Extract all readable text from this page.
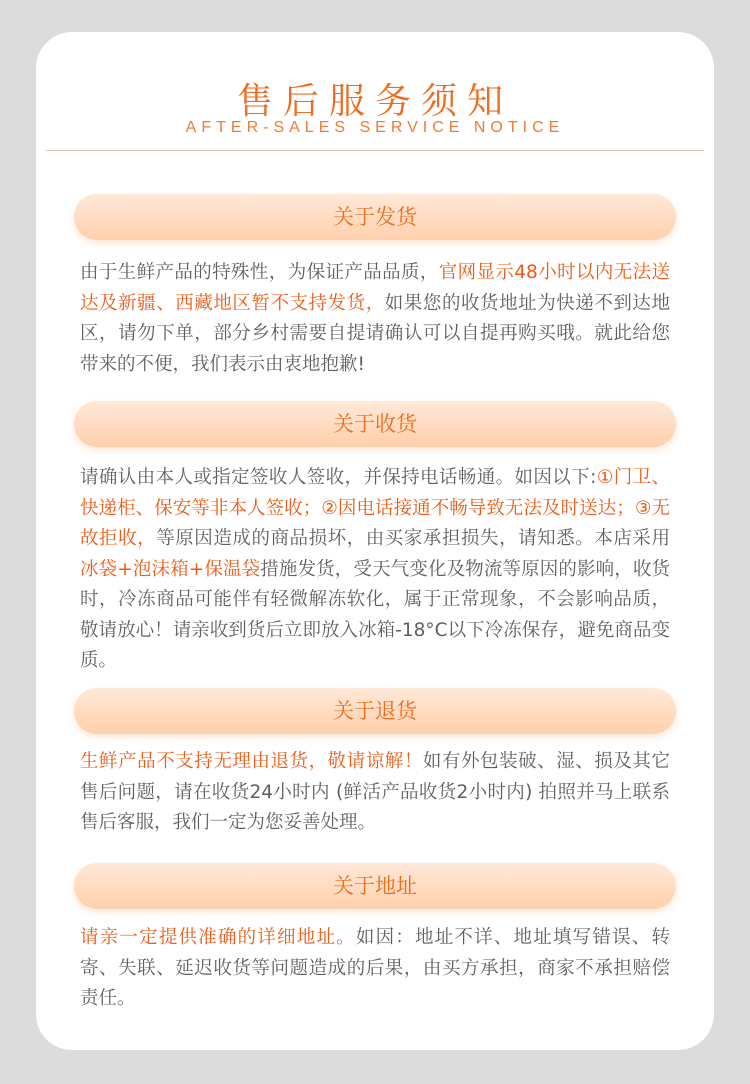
售后服务须知
AFTER-SALES SERVICE NOTICE
关于发货
由于生鲜产品的特殊性，为保证产品品质，官网显示48小时以内无法送达及新疆、西藏地区暂不支持发货，如果您的收货地址为快递不到达地区，请勿下单，部分乡村需要自提请确认可以自提再购买哦。就此给您带来的不便，我们表示由衷地抱歉!
关于收货
请确认由本人或指定签收人签收，并保持电话畅通。如因以下:①门卫、快递柜、保安等非本人签收；②因电话接通不畅导致无法及时送达；③无故拒收，等原因造成的商品损坏，由买家承担损失，请知悉。本店采用冰袋+泡沫箱+保温袋措施发货，受天气变化及物流等原因的影响，收货时，冷冻商品可能伴有轻微解冻软化，属于正常现象，不会影响品质，敬请放心！请亲收到货后立即放入冰箱-18°C以下冷冻保存，避免商品变质。
关于退货
生鲜产品不支持无理由退货，敬请谅解！如有外包装破、湿、损及其它售后问题，请在收货24小时内 (鲜活产品收货2小时内) 拍照并马上联系售后客服，我们一定为您妥善处理。
关于地址
请亲一定提供准确的详细地址。如因：地址不详、地址填写错误、转寄、失联、延迟收货等问题造成的后果，由买方承担，商家不承担赔偿责任。
